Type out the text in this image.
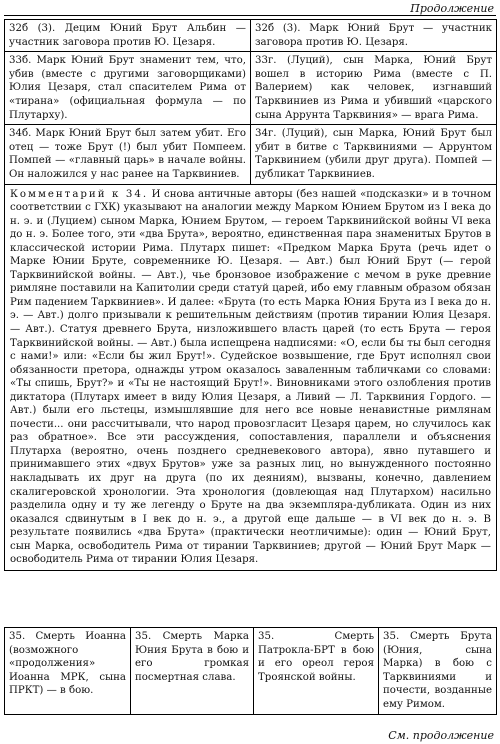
Продолжение
32б (3). Децим Юний Брут Альбин — участник заговора против Ю. Цезаря.	32б (3). Марк Юний Брут — участник заговора против Ю. Цезаря.
33б. Марк Юний Брут знаменит тем, что, убив (вместе с другими заговорщиками) Юлия Цезаря, стал спасителем Рима от «тирана» (официальная формула — по Плутарху).	33г. (Луций), сын Марка, Юний Брут вошел в историю Рима (вместе с П. Валерием) как человек, изгнавший Тарквиниев из Рима и убивший «царского сына Аррунта Тарквиния» — врага Рима.
34б. Марк Юний Брут был затем убит. Его отец — тоже Брут (!) был убит Помпеем. Помпей — «главный царь» в начале войны. Он наложился у нас ранее на Тарквиниев.	34г. (Луций), сын Марка, Юний Брут был убит в битве с Тарквиниями — Аррунтом Тарквинием (убили друг друга). Помпей — дубликат Тарквиниев.
Комментарий к 34. И снова античные авторы (без нашей «подсказки» и в точном соответствии с ГХК) указывают на аналогии между Марком Юнием Брутом из I века до н. э. и (Луцием) сыном Марка, Юнием Брутом, — героем Тарквинийской войны VI века до н. э. Более того, эти «два Брута», вероятно, единственная пара знаменитых Брутов в классической истории Рима. Плутарх пишет: «Предком Марка Брута (речь идет о Марке Юнии Бруте, современнике Ю. Цезаря. — Авт.) был Юний Брут (— герой Тарквинийской войны. — Авт.), чье бронзовое изображение с мечом в руке древние римляне поставили на Капитолии среди статуй царей, ибо ему главным образом обязан Рим падением Тарквиниев». И далее: «Брута (то есть Марка Юния Брута из I века до н. э. — Авт.) долго призывали к решительным действиям (против тирании Юлия Цезаря. — Авт.). Статуя древнего Брута, низложившего власть царей (то есть Брута — героя Тарквинийской войны. — Авт.) была испещрена надписями: «О, если бы ты был сегодня с нами!» или: «Если бы жил Брут!». Судейское возвышение, где Брут исполнял свои обязанности претора, однажды утром оказалось заваленным табличками со словами: «Ты спишь, Брут?» и «Ты не настоящий Брут!». Виновниками этого озлобления против диктатора (Плутарх имеет в виду Юлия Цезаря, а Ливий — Л. Тарквиния Гордого. — Авт.) были его льстецы, измышлявшие для него все новые ненавистные римлянам почести... они рассчитывали, что народ провозгласит Цезаря царем, но случилось как раз обратное». Все эти рассуждения, сопоставления, параллели и объяснения Плутарха (вероятно, очень позднего средневекового автора), явно путавшего и принимавшего этих «двух Брутов» уже за разных лиц, но вынужденного постоянно накладывать их друг на друга (по их деяниям), вызваны, конечно, давлением скалигеровской хронологии. Эта хронология (довлеющая над Плутархом) насильно разделила одну и ту же легенду о Бруте на два экземпляра-дубликата. Один из них оказался сдвинутым в I век до н. э., а другой еще дальше — в VI век до н. э. В результате появились «два Брута» (практически неотличимые): один — Юний Брут, сын Марка, освободитель Рима от тирании Тарквиниев; другой — Юний Брут Марк — освободитель Рима от тирании Юлия Цезаря.	
35. Смерть Иоанна (возможного «продолжения» Иоанна МРК, сына ПРКТ) — в бою.	35. Смерть Марка Юния Брута в бою и его громкая посмертная слава.	35. Смерть Патрокла-БРТ в бою и его ореол героя Троянской войны.	35. Смерть Брута (Юния, сына Марка) в бою с Тарквиниями и почести, возданные ему Римом.
См. продолжение
